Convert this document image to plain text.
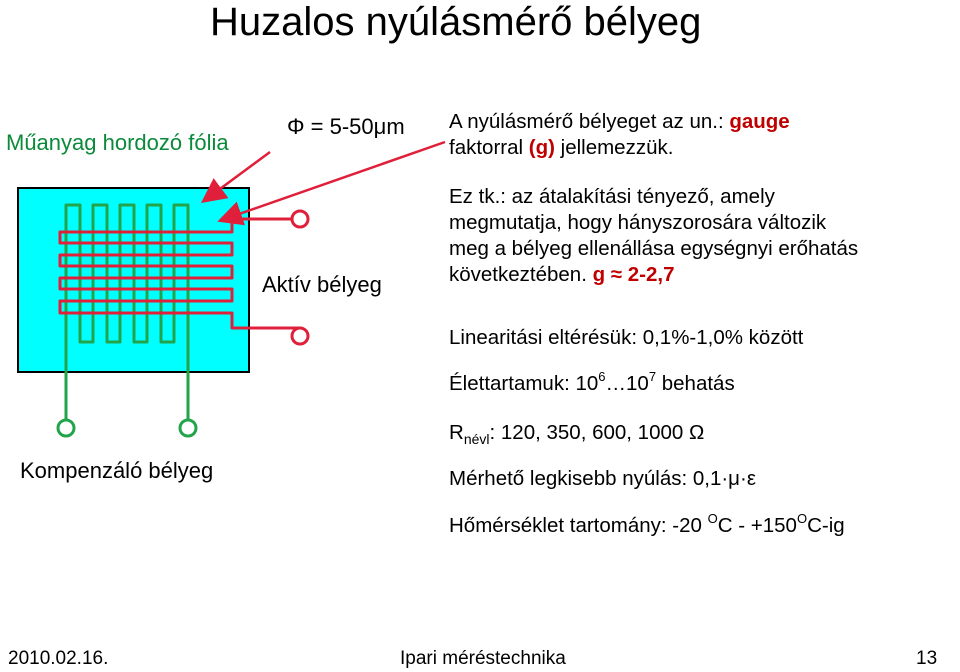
Huzalos nyúlásmérő bélyeg
Műanyag hordozó fólia
Φ = 5-50μm
Aktív bélyeg
Kompenzáló bélyeg
A nyúlásmérő bélyeget az un.: gauge
faktorral (g) jellemezzük.
Ez tk.: az átalakítási tényező, amely
megmutatja, hogy hányszorosára változik
meg a bélyeg ellenállása egységnyi erőhatás
következtében. g ≈ 2-2,7
Linearitási eltérésük: 0,1%-1,0% között
Élettartamuk: $10^6\dots 10^7$ behatás
$R_{névl}$: 120, 350, 600, 1000 Ω
Mérhető legkisebb nyúlás: 0,1·μ·ε
Hőmérséklet tartomány: -20 $^OC - +150^OC-ig$
2010.02.16.	Ipari méréstechnika	13
